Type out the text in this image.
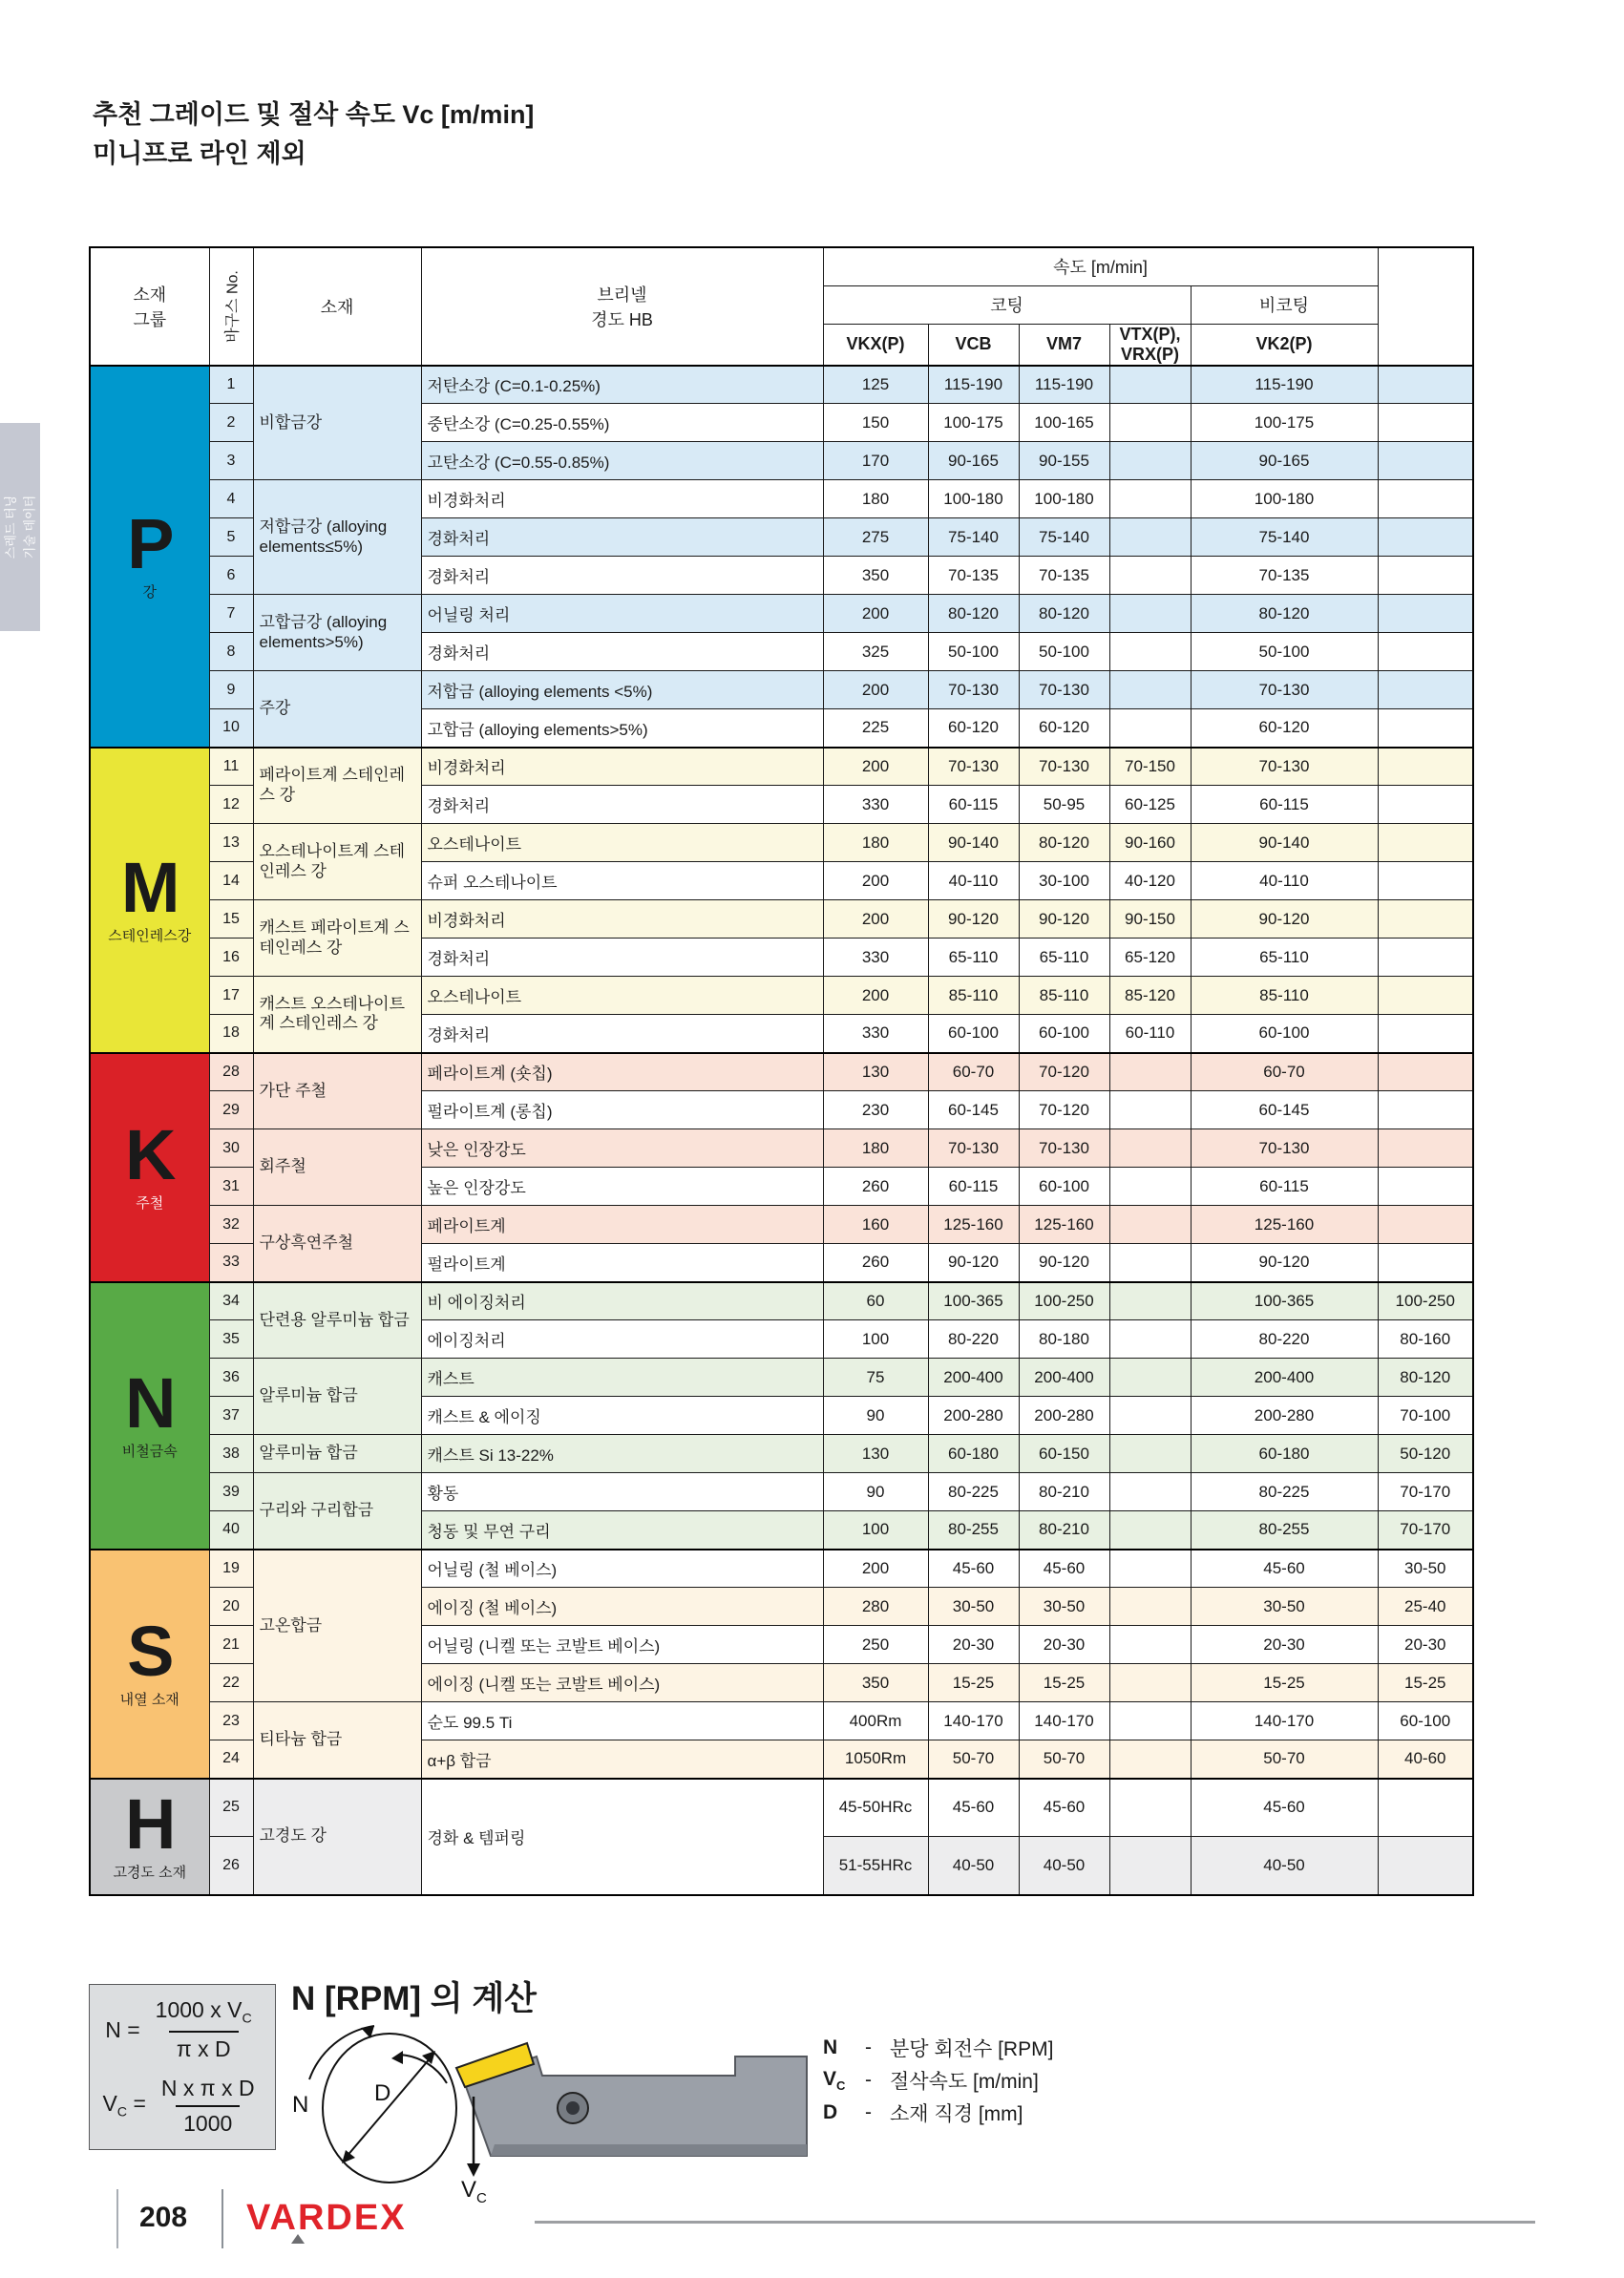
추천 그레이드 및 절삭 속도 Vc [m/min]
미니프로 라인 제외
스레드 터닝 기술 데이터
소재
그룹	바구스 No.	소재	
브리넬
경도 HB
	속도 [m/min]
				코팅				비코팅	
				VKX(P)	VCB	VM7	VTX(P), VRX(P)	VK2(P)	

P
강	1	비합금강	저탄소강 (C=0.1-0.25%)	125	115-190	115-190		115-190	
	2		중탄소강 (C=0.25-0.55%)	150	100-175	100-165		100-175	
	3		고탄소강 (C=0.55-0.85%)	170	90-165	90-155		90-165	
	4	저합금강 (alloying elements≤5%)	비경화처리	180	100-180	100-180		100-180	
	5		경화처리	275	75-140	75-140		75-140	
	6		경화처리	350	70-135	70-135		70-135	
	7	고합금강 (alloying elements>5%)	어닐링 처리	200	80-120	80-120		80-120	
	8		경화처리	325	50-100	50-100		50-100	
	9	주강	저합금 (alloying elements <5%)	200	70-130	70-130		70-130	
	10		고합금 (alloying elements>5%)	225	60-120	60-120		60-120	

M
스테인레스강	11	페라이트계 스테인레스 강	비경화처리	200	70-130	70-130	70-150	70-130	
	12		경화처리	330	60-115	50-95	60-125	60-115	
	13	오스테나이트계 스테인레스 강	오스테나이트	180	90-140	80-120	90-160	90-140	
	14		슈퍼 오스테나이트	200	40-110	30-100	40-120	40-110	
	15	캐스트 페라이트계 스테인레스 강	비경화처리	200	90-120	90-120	90-150	90-120	
	16		경화처리	330	65-110	65-110	65-120	65-110	
	17	캐스트 오스테나이트계 스테인레스 강	오스테나이트	200	85-110	85-110	85-120	85-110	
	18		경화처리	330	60-100	60-100	60-110	60-100	

K
주철	28	가단 주철	페라이트계 (숏칩)	130	60-70	70-120		60-70	
	29		펄라이트계 (롱칩)	230	60-145	70-120		60-145	
	30	회주철	낮은 인장강도	180	70-130	70-130		70-130	
	31		높은 인장강도	260	60-115	60-100		60-115	
	32	구상흑연주철	페라이트계	160	125-160	125-160		125-160	
	33		펄라이트계	260	90-120	90-120		90-120	

N
비철금속	34	단련용 알루미늄 합금	비 에이징처리	60	100-365	100-250		100-365	100-250
	35		에이징처리	100	80-220	80-180		80-220	80-160
	36	알루미늄 합금	캐스트	75	200-400	200-400		200-400	80-120
	37		캐스트 & 에이징	90	200-280	200-280		200-280	70-100
	38	알루미늄 합금	캐스트 Si 13-22%	130	60-180	60-150		60-180	50-120
	39	구리와 구리합금	황동	90	80-225	80-210		80-225	70-170
	40		청동 및 무연 구리	100	80-255	80-210		80-255	70-170

S
내열 소재	19	고온합금	어닐링 (철 베이스)	200	45-60	45-60		45-60	30-50
	20		에이징 (철 베이스)	280	30-50	30-50		30-50	25-40
	21		어닐링 (니켈 또는 코발트 베이스)	250	20-30	20-30		20-30	20-30
	22		에이징 (니켈 또는 코발트 베이스)	350	15-25	15-25		15-25	15-25
	23	티타늄 합금	순도 99.5 Ti	400Rm	140-170	140-170		140-170	60-100
	24		α+β 합금	1050Rm	50-70	50-70		50-70	40-60

H
고경도 소재	25	고경도 강	경화 & 템퍼링	45-50HRc	45-60	45-60		45-60	
	26			51-55HRc	40-50	40-50		40-50	
$N = \frac{1000 x V_C}{\text{π x D}}$
$V_C = \frac{\text{N x π x D}}{1000}$
N [RPM] 의 계산
N	D
VC
N	- 분당 회전수 [RPM]
$V_C$ - 절삭속도 [m/min]
D	- 소재 직경 [mm]
208 VARDEX
